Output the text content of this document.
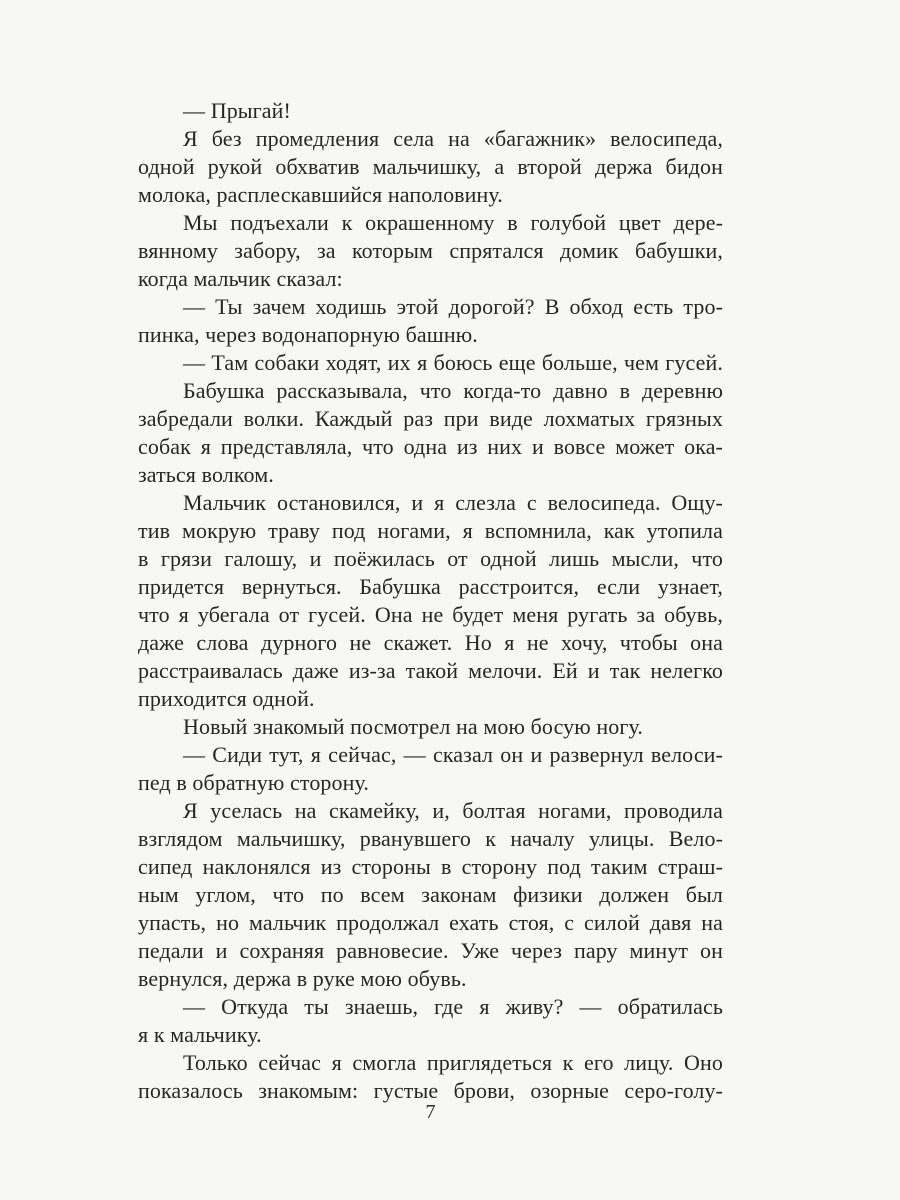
— Прыгай!
Я без промедления села на «багажник» велосипеда,
одной рукой обхватив мальчишку, а второй держа бидон
молока, расплескавшийся наполовину.
Мы подъехали к окрашенному в голубой цвет дере-
вянному забору, за которым спрятался домик бабушки,
когда мальчик сказал:
— Ты зачем ходишь этой дорогой? В обход есть тро-
пинка, через водонапорную башню.
— Там собаки ходят, их я боюсь еще больше, чем гусей.
Бабушка рассказывала, что когда-то давно в деревню
забредали волки. Каждый раз при виде лохматых грязных
собак я представляла, что одна из них и вовсе может ока-
заться волком.
Мальчик остановился, и я слезла с велосипеда. Ощу-
тив мокрую траву под ногами, я вспомнила, как утопила
в грязи галошу, и поёжилась от одной лишь мысли, что
придется вернуться. Бабушка расстроится, если узнает,
что я убегала от гусей. Она не будет меня ругать за обувь,
даже слова дурного не скажет. Но я не хочу, чтобы она
расстраивалась даже из-за такой мелочи. Ей и так нелегко
приходится одной.
Новый знакомый посмотрел на мою босую ногу.
— Сиди тут, я сейчас, — сказал он и развернул велоси-
пед в обратную сторону.
Я уселась на скамейку, и, болтая ногами, проводила
взглядом мальчишку, рванувшего к началу улицы. Вело-
сипед наклонялся из стороны в сторону под таким страш-
ным углом, что по всем законам физики должен был
упасть, но мальчик продолжал ехать стоя, с силой давя на
педали и сохраняя равновесие. Уже через пару минут он
вернулся, держа в руке мою обувь.
— Откуда ты знаешь, где я живу? — обратилась
я к мальчику.
Только сейчас я смогла приглядеться к его лицу. Оно
показалось знакомым: густые брови, озорные серо-голу-
7
